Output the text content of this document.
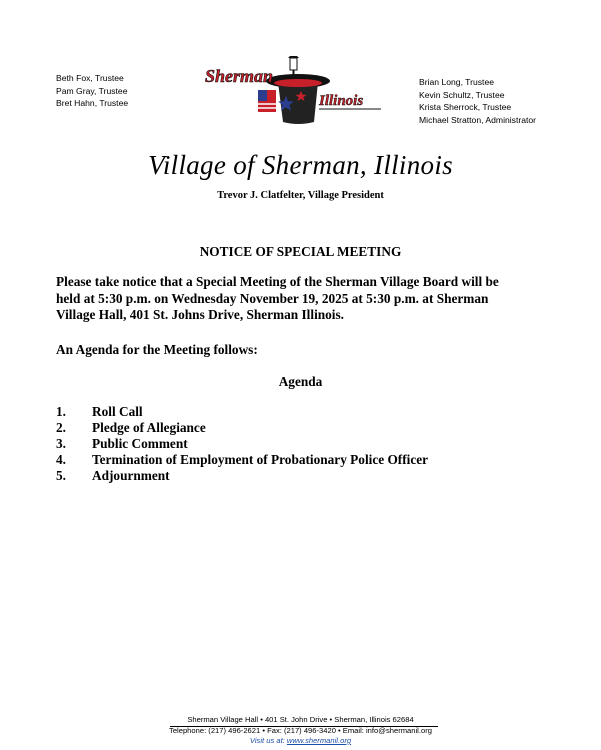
Beth Fox, Trustee
Pam Gray, Trustee
Bret Hahn, Trustee
Sherman
Illinois
Brian Long, Trustee
Kevin Schultz, Trustee
Krista Sherrock, Trustee
Michael Stratton, Administrator
Village of Sherman, Illinois
Trevor J. Clatfelter, Village President
NOTICE OF SPECIAL MEETING
Please take notice that a Special Meeting of the Sherman Village Board will be
held at 5:30 p.m. on Wednesday November 19, 2025 at 5:30 p.m. at Sherman
Village Hall, 401 St. Johns Drive, Sherman Illinois.
An Agenda for the Meeting follows:
Agenda
1. Roll Call
2. Pledge of Allegiance
3. Public Comment
4. Termination of Employment of Probationary Police Officer
5. Adjournment
Sherman Village Hall • 401 St. John Drive • Sherman, Illinois 62684
Telephone: (217) 496-2621 • Fax: (217) 496-3420 • Email: info@shermanil.org
Visit us at: www.shermanil.org
